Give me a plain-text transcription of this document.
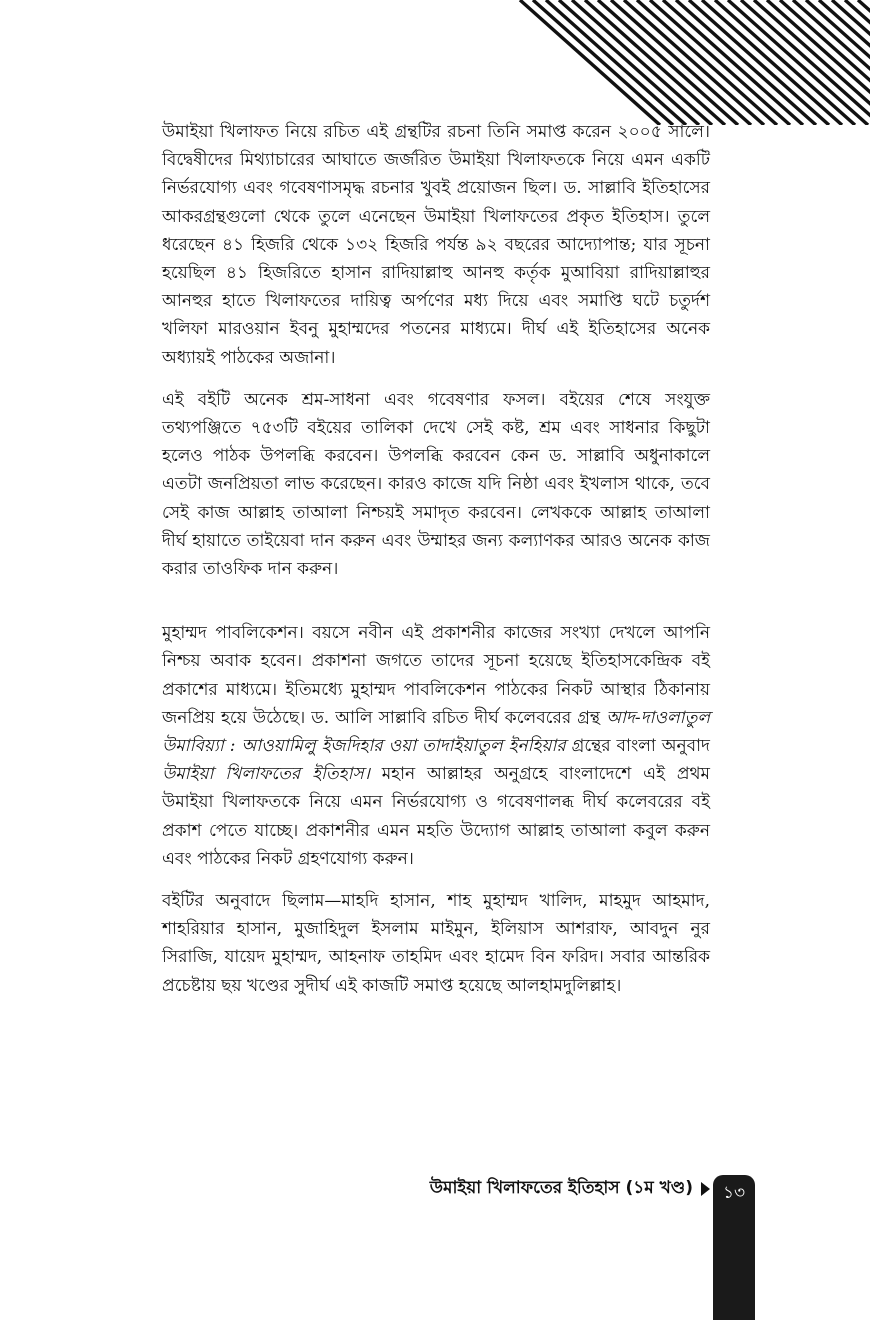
উমাইয়া খিলাফত নিয়ে রচিত এই গ্রন্থটির রচনা তিনি সমাপ্ত করেন ২০০৫ সালে। বিদ্বেষীদের মিথ্যাচারের আঘাতে জর্জরিত উমাইয়া খিলাফতকে নিয়ে এমন একটি নির্ভরযোগ্য এবং গবেষণাসমৃদ্ধ রচনার খুবই প্রয়োজন ছিল। ড. সাল্লাবি ইতিহাসের আকরগ্রন্থগুলো থেকে তুলে এনেছেন উমাইয়া খিলাফতের প্রকৃত ইতিহাস। তুলে ধরেছেন ৪১ হিজরি থেকে ১৩২ হিজরি পর্যন্ত ৯২ বছরের আদ্যোপান্ত; যার সূচনা হয়েছিল ৪১ হিজরিতে হাসান রাদিয়াল্লাহু আনহু কর্তৃক মুআবিয়া রাদিয়াল্লাহুর আনহুর হাতে খিলাফতের দায়িত্ব অর্পণের মধ্য দিয়ে এবং সমাপ্তি ঘটে চতুর্দশ খলিফা মারওয়ান ইবনু মুহাম্মদের পতনের মাধ্যমে। দীর্ঘ এই ইতিহাসের অনেক অধ্যায়ই পাঠকের অজানা।

এই বইটি অনেক শ্রম-সাধনা এবং গবেষণার ফসল। বইয়ের শেষে সংযুক্ত তথ্যপঞ্জিতে ৭৫৩টি বইয়ের তালিকা দেখে সেই কষ্ট, শ্রম এবং সাধনার কিছুটা হলেও পাঠক উপলব্ধি করবেন। উপলব্ধি করবেন কেন ড. সাল্লাবি অধুনাকালে এতটা জনপ্রিয়তা লাভ করেছেন। কারও কাজে যদি নিষ্ঠা এবং ইখলাস থাকে, তবে সেই কাজ আল্লাহ তাআলা নিশ্চয়ই সমাদৃত করবেন। লেখককে আল্লাহ তাআলা দীর্ঘ হায়াতে তাইয়েবা দান করুন এবং উম্মাহর জন্য কল্যাণকর আরও অনেক কাজ করার তাওফিক দান করুন।

মুহাম্মদ পাবলিকেশন। বয়সে নবীন এই প্রকাশনীর কাজের সংখ্যা দেখলে আপনি নিশ্চয় অবাক হবেন। প্রকাশনা জগতে তাদের সূচনা হয়েছে ইতিহাসকেন্দ্রিক বই প্রকাশের মাধ্যমে। ইতিমধ্যে মুহাম্মদ পাবলিকেশন পাঠকের নিকট আস্থার ঠিকানায় জনপ্রিয় হয়ে উঠেছে। ড. আলি সাল্লাবি রচিত দীর্ঘ কলেবরের গ্রন্থ আদ-দাওলাতুল উমাবিয়্যা : আওয়ামিলু ইজদিহার ওয়া তাদাইয়াতুল ইনহিয়ার গ্রন্থের বাংলা অনুবাদ উমাইয়া খিলাফতের ইতিহাস। মহান আল্লাহর অনুগ্রহে বাংলাদেশে এই প্রথম উমাইয়া খিলাফতকে নিয়ে এমন নির্ভরযোগ্য ও গবেষণালব্ধ দীর্ঘ কলেবরের বই প্রকাশ পেতে যাচ্ছে। প্রকাশনীর এমন মহতি উদ্যোগ আল্লাহ তাআলা কবুল করুন এবং পাঠকের নিকট গ্রহণযোগ্য করুন।

বইটির অনুবাদে ছিলাম—মাহদি হাসান, শাহ মুহাম্মদ খালিদ, মাহমুদ আহমাদ, শাহরিয়ার হাসান, মুজাহিদুল ইসলাম মাইমুন, ইলিয়াস আশরাফ, আবদুন নুর সিরাজি, যায়েদ মুহাম্মদ, আহনাফ তাহমিদ এবং হামেদ বিন ফরিদ। সবার আন্তরিক প্রচেষ্টায় ছয় খণ্ডের সুদীর্ঘ এই কাজটি সমাপ্ত হয়েছে আলহামদুলিল্লাহ।

উমাইয়া খিলাফতের ইতিহাস (১ম খণ্ড)	১৩
